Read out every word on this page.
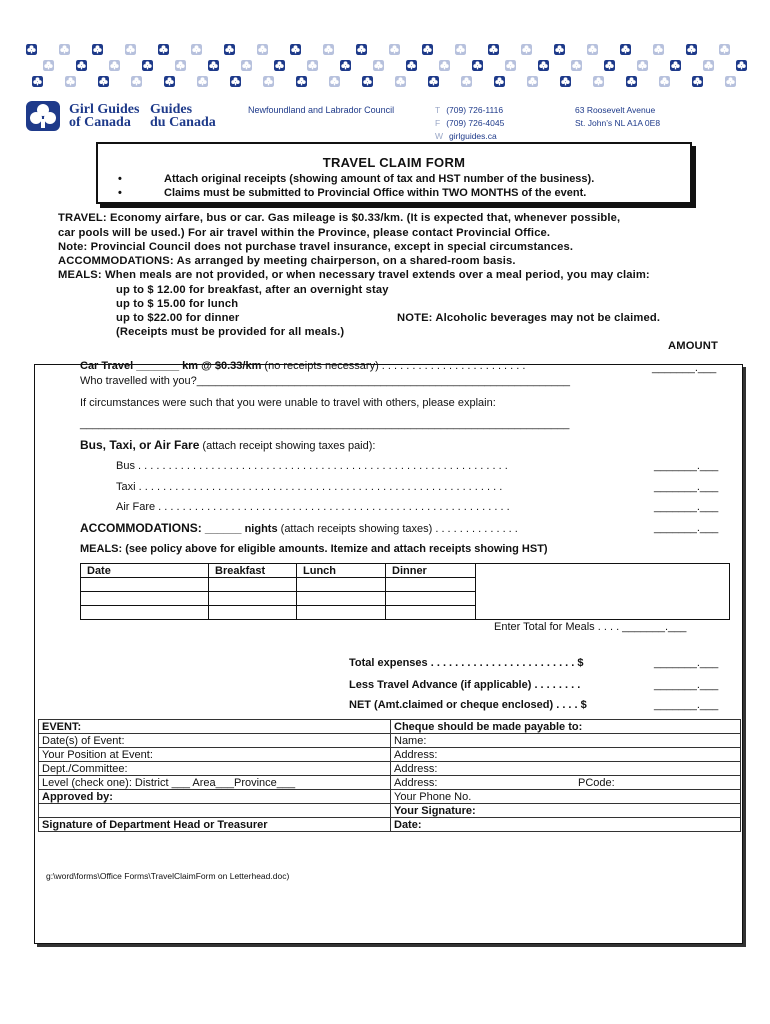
Girl Guides
of Canada
Guides
du Canada
Newfoundland and Labrador Council	T (709) 726-1116
F (709) 726-4045
W girlguides.ca
63 Roosevelt Avenue
St. John’s NL A1A 0E8
TRAVEL CLAIM FORM
•	Attach original receipts (showing amount of tax and HST number of the business).
•	Claims must be submitted to Provincial Office within TWO MONTHS of the event.
TRAVEL: Economy airfare, bus or car. Gas mileage is $0.33/km. (It is expected that, whenever possible,
car pools will be used.) For air travel within the Province, please contact Provincial Office.
Note: Provincial Council does not purchase travel insurance, except in special circumstances.
ACCOMMODATIONS: As arranged by meeting chairperson, on a shared-room basis.
MEALS: When meals are not provided, or when necessary travel extends over a meal period, you may claim:
up to $ 12.00 for breakfast, after an overnight stay
up to $ 15.00 for lunch
up to $22.00 for dinner	NOTE: Alcoholic beverages may not be claimed.
(Receipts must be provided for all meals.)
AMOUNT
Car Travel _______ km @ $0.33/km (no receipts necessary) . . . . . . . . . . . . . . . . . . . . . . . .	_______.___
Who travelled with you?_____________________________________________________________
If circumstances were such that you were unable to travel with others, please explain:
________________________________________________________________________________
Bus, Taxi, or Air Fare (attach receipt showing taxes paid):
Bus . . . . . . . . . . . . . . . . . . . . . . . . . . . . . . . . . . . . . . . . . . . . . . . . . . . . . . . . . . . . .	_______.___
Taxi . . . . . . . . . . . . . . . . . . . . . . . . . . . . . . . . . . . . . . . . . . . . . . . . . . . . . . . . . . . .	_______.___
Air Fare . . . . . . . . . . . . . . . . . . . . . . . . . . . . . . . . . . . . . . . . . . . . . . . . . . . . . . . . . .	_______.___
ACCOMMODATIONS: ______ nights (attach receipts showing taxes) . . . . . . . . . . . . . .	_______.___
MEALS: (see policy above for eligible amounts. Itemize and attach receipts showing HST)
Date	Breakfast	Lunch	Dinner	

Enter Total for Meals . . . . _______.___
Total expenses . . . . . . . . . . . . . . . . . . . . . . . . $	_______.___
Less Travel Advance (if applicable) . . . . . . . .	_______.___
NET (Amt.claimed or cheque enclosed) . . . . $	_______.___
EVENT:	Cheque should be made payable to:
Date(s) of Event:	Name:
Your Position at Event:	Address:
Dept./Committee:	Address:
Level (check one): District ___ Area___Province___	Address: PCode:

Approved by:	Your Phone No.
	Your Signature:
Signature of Department Head or Treasurer	Date:
g:\word\forms\Office Forms\TravelClaimForm on Letterhead.doc)
